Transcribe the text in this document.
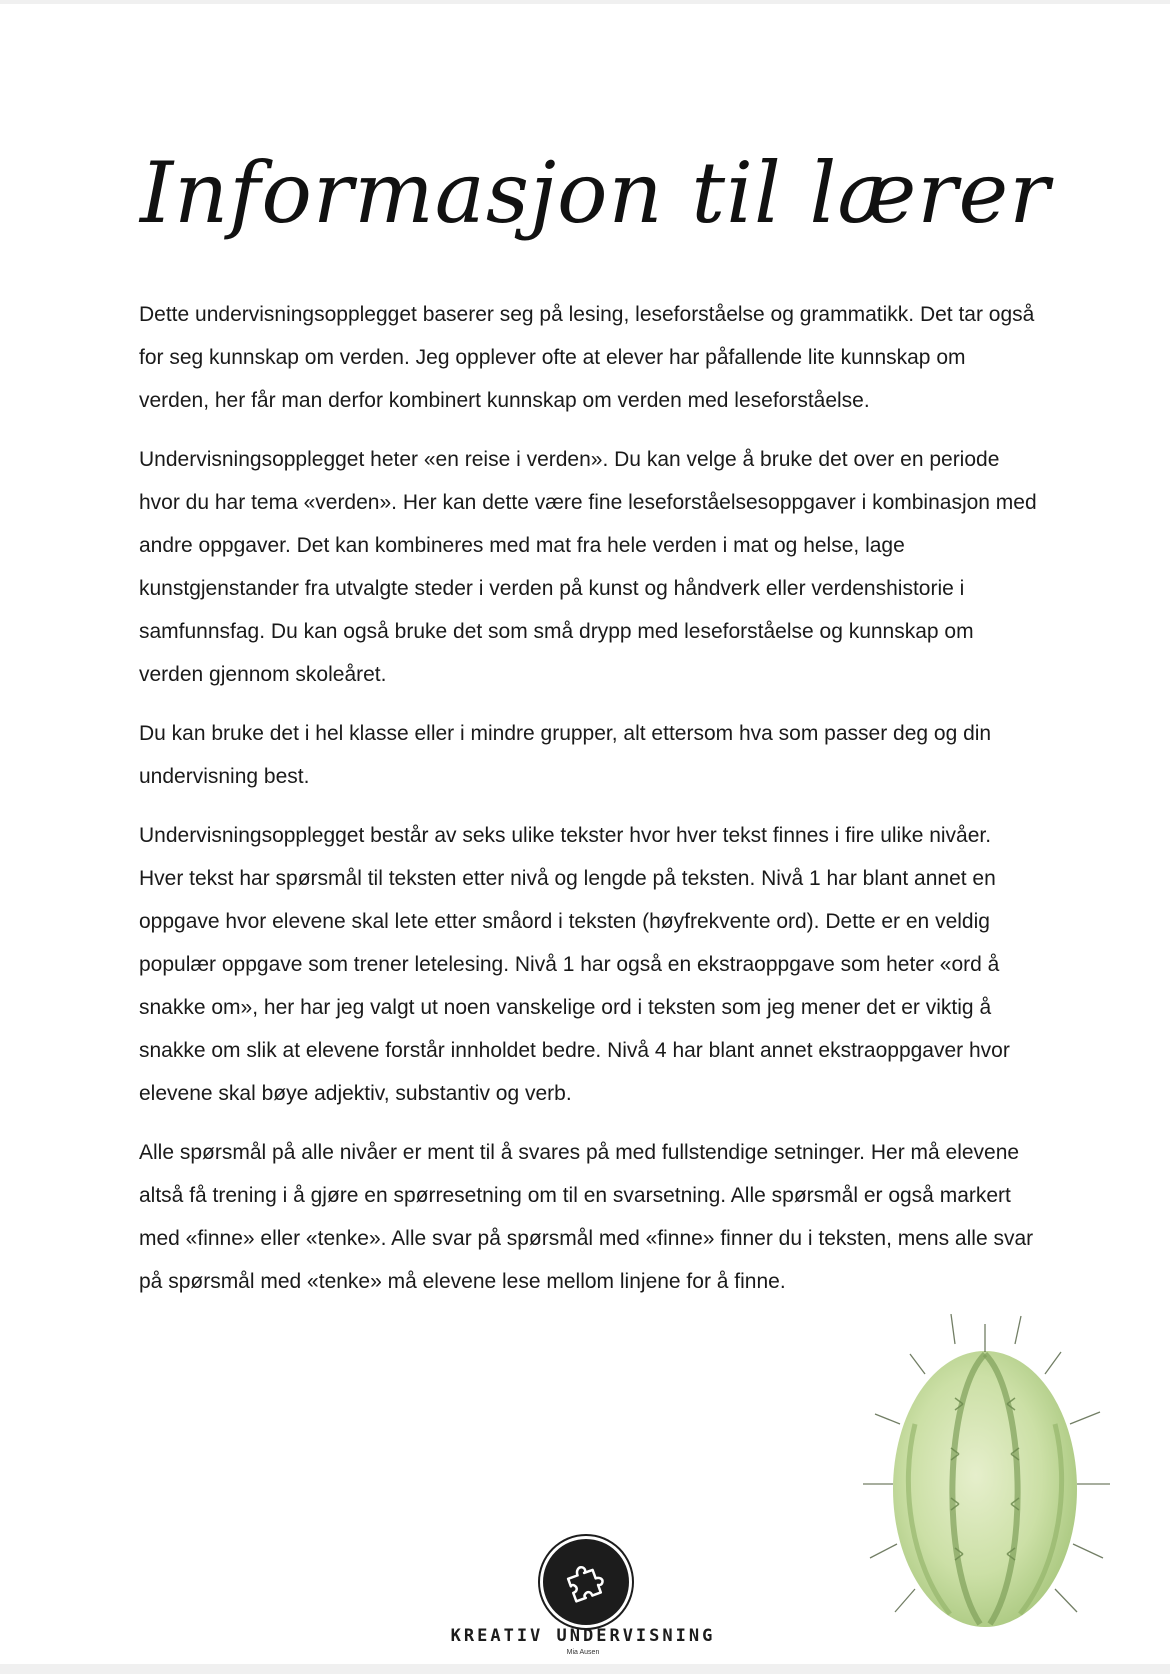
Informasjon til lærer

Dette undervisningsopplegget baserer seg på lesing, leseforståelse og grammatikk. Det tar også for seg kunnskap om verden. Jeg opplever ofte at elever har påfallende lite kunnskap om verden, her får man derfor kombinert kunnskap om verden med leseforståelse.

Undervisningsopplegget heter «en reise i verden». Du kan velge å bruke det over en periode hvor du har tema «verden». Her kan dette være fine leseforståelsesoppgaver i kombinasjon med andre oppgaver. Det kan kombineres med mat fra hele verden i mat og helse, lage kunstgjenstander fra utvalgte steder i verden på kunst og håndverk eller verdenshistorie i samfunnsfag. Du kan også bruke det som små drypp med leseforståelse og kunnskap om verden gjennom skoleåret.

Du kan bruke det i hel klasse eller i mindre grupper, alt ettersom hva som passer deg og din undervisning best.

Undervisningsopplegget består av seks ulike tekster hvor hver tekst finnes i fire ulike nivåer. Hver tekst har spørsmål til teksten etter nivå og lengde på teksten. Nivå 1 har blant annet en oppgave hvor elevene skal lete etter småord i teksten (høyfrekvente ord). Dette er en veldig populær oppgave som trener letelesing. Nivå 1 har også en ekstraoppgave som heter «ord å snakke om», her har jeg valgt ut noen vanskelige ord i teksten som jeg mener det er viktig å snakke om slik at elevene forstår innholdet bedre. Nivå 4 har blant annet ekstraoppgaver hvor elevene skal bøye adjektiv, substantiv og verb.

Alle spørsmål på alle nivåer er ment til å svares på med fullstendige setninger. Her må elevene altså få trening i å gjøre en spørresetning om til en svarsetning. Alle spørsmål er også markert med «finne» eller «tenke». Alle svar på spørsmål med «finne» finner du i teksten, mens alle svar på spørsmål med «tenke» må elevene lese mellom linjene for å finne.

KREATIV UNDERVISNING
Mia Ausen
